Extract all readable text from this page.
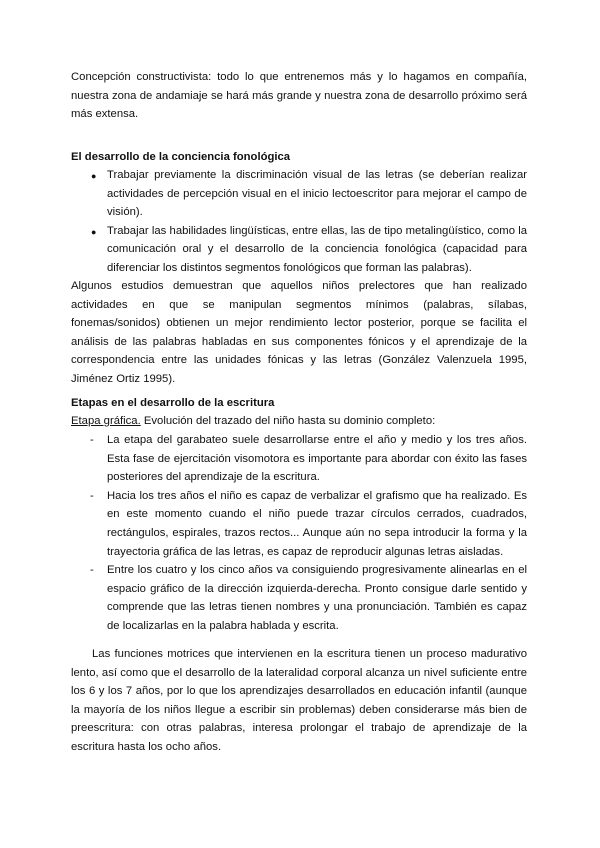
Concepción constructivista: todo lo que entrenemos más y lo hagamos en compañía, nuestra zona de andamiaje se hará más grande y nuestra zona de desarrollo próximo será más extensa.

El desarrollo de la conciencia fonológica

● Trabajar previamente la discriminación visual de las letras (se deberían realizar actividades de percepción visual en el inicio lectoescritor para mejorar el campo de visión).
● Trabajar las habilidades lingüísticas, entre ellas, las de tipo metalingüístico, como la comunicación oral y el desarrollo de la conciencia fonológica (capacidad para diferenciar los distintos segmentos fonológicos que forman las palabras).

Algunos estudios demuestran que aquellos niños prelectores que han realizado actividades en que se manipulan segmentos mínimos (palabras, sílabas, fonemas/sonidos) obtienen un mejor rendimiento lector posterior, porque se facilita el análisis de las palabras habladas en sus componentes fónicos y el aprendizaje de la correspondencia entre las unidades fónicas y las letras (González Valenzuela 1995, Jiménez Ortiz 1995).

Etapas en el desarrollo de la escritura

Etapa gráfica. Evolución del trazado del niño hasta su dominio completo:

- La etapa del garabateo suele desarrollarse entre el año y medio y los tres años. Esta fase de ejercitación visomotora es importante para abordar con éxito las fases posteriores del aprendizaje de la escritura.
- Hacia los tres años el niño es capaz de verbalizar el grafismo que ha realizado. Es en este momento cuando el niño puede trazar círculos cerrados, cuadrados, rectángulos, espirales, trazos rectos... Aunque aún no sepa introducir la forma y la trayectoria gráfica de las letras, es capaz de reproducir algunas letras aisladas.
- Entre los cuatro y los cinco años va consiguiendo progresivamente alinearlas en el espacio gráfico de la dirección izquierda-derecha. Pronto consigue darle sentido y comprende que las letras tienen nombres y una pronunciación. También es capaz de localizarlas en la palabra hablada y escrita.

Las funciones motrices que intervienen en la escritura tienen un proceso madurativo lento, así como que el desarrollo de la lateralidad corporal alcanza un nivel suficiente entre los 6 y los 7 años, por lo que los aprendizajes desarrollados en educación infantil (aunque la mayoría de los niños llegue a escribir sin problemas) deben considerarse más bien de preescritura: con otras palabras, interesa prolongar el trabajo de aprendizaje de la escritura hasta los ocho años.
